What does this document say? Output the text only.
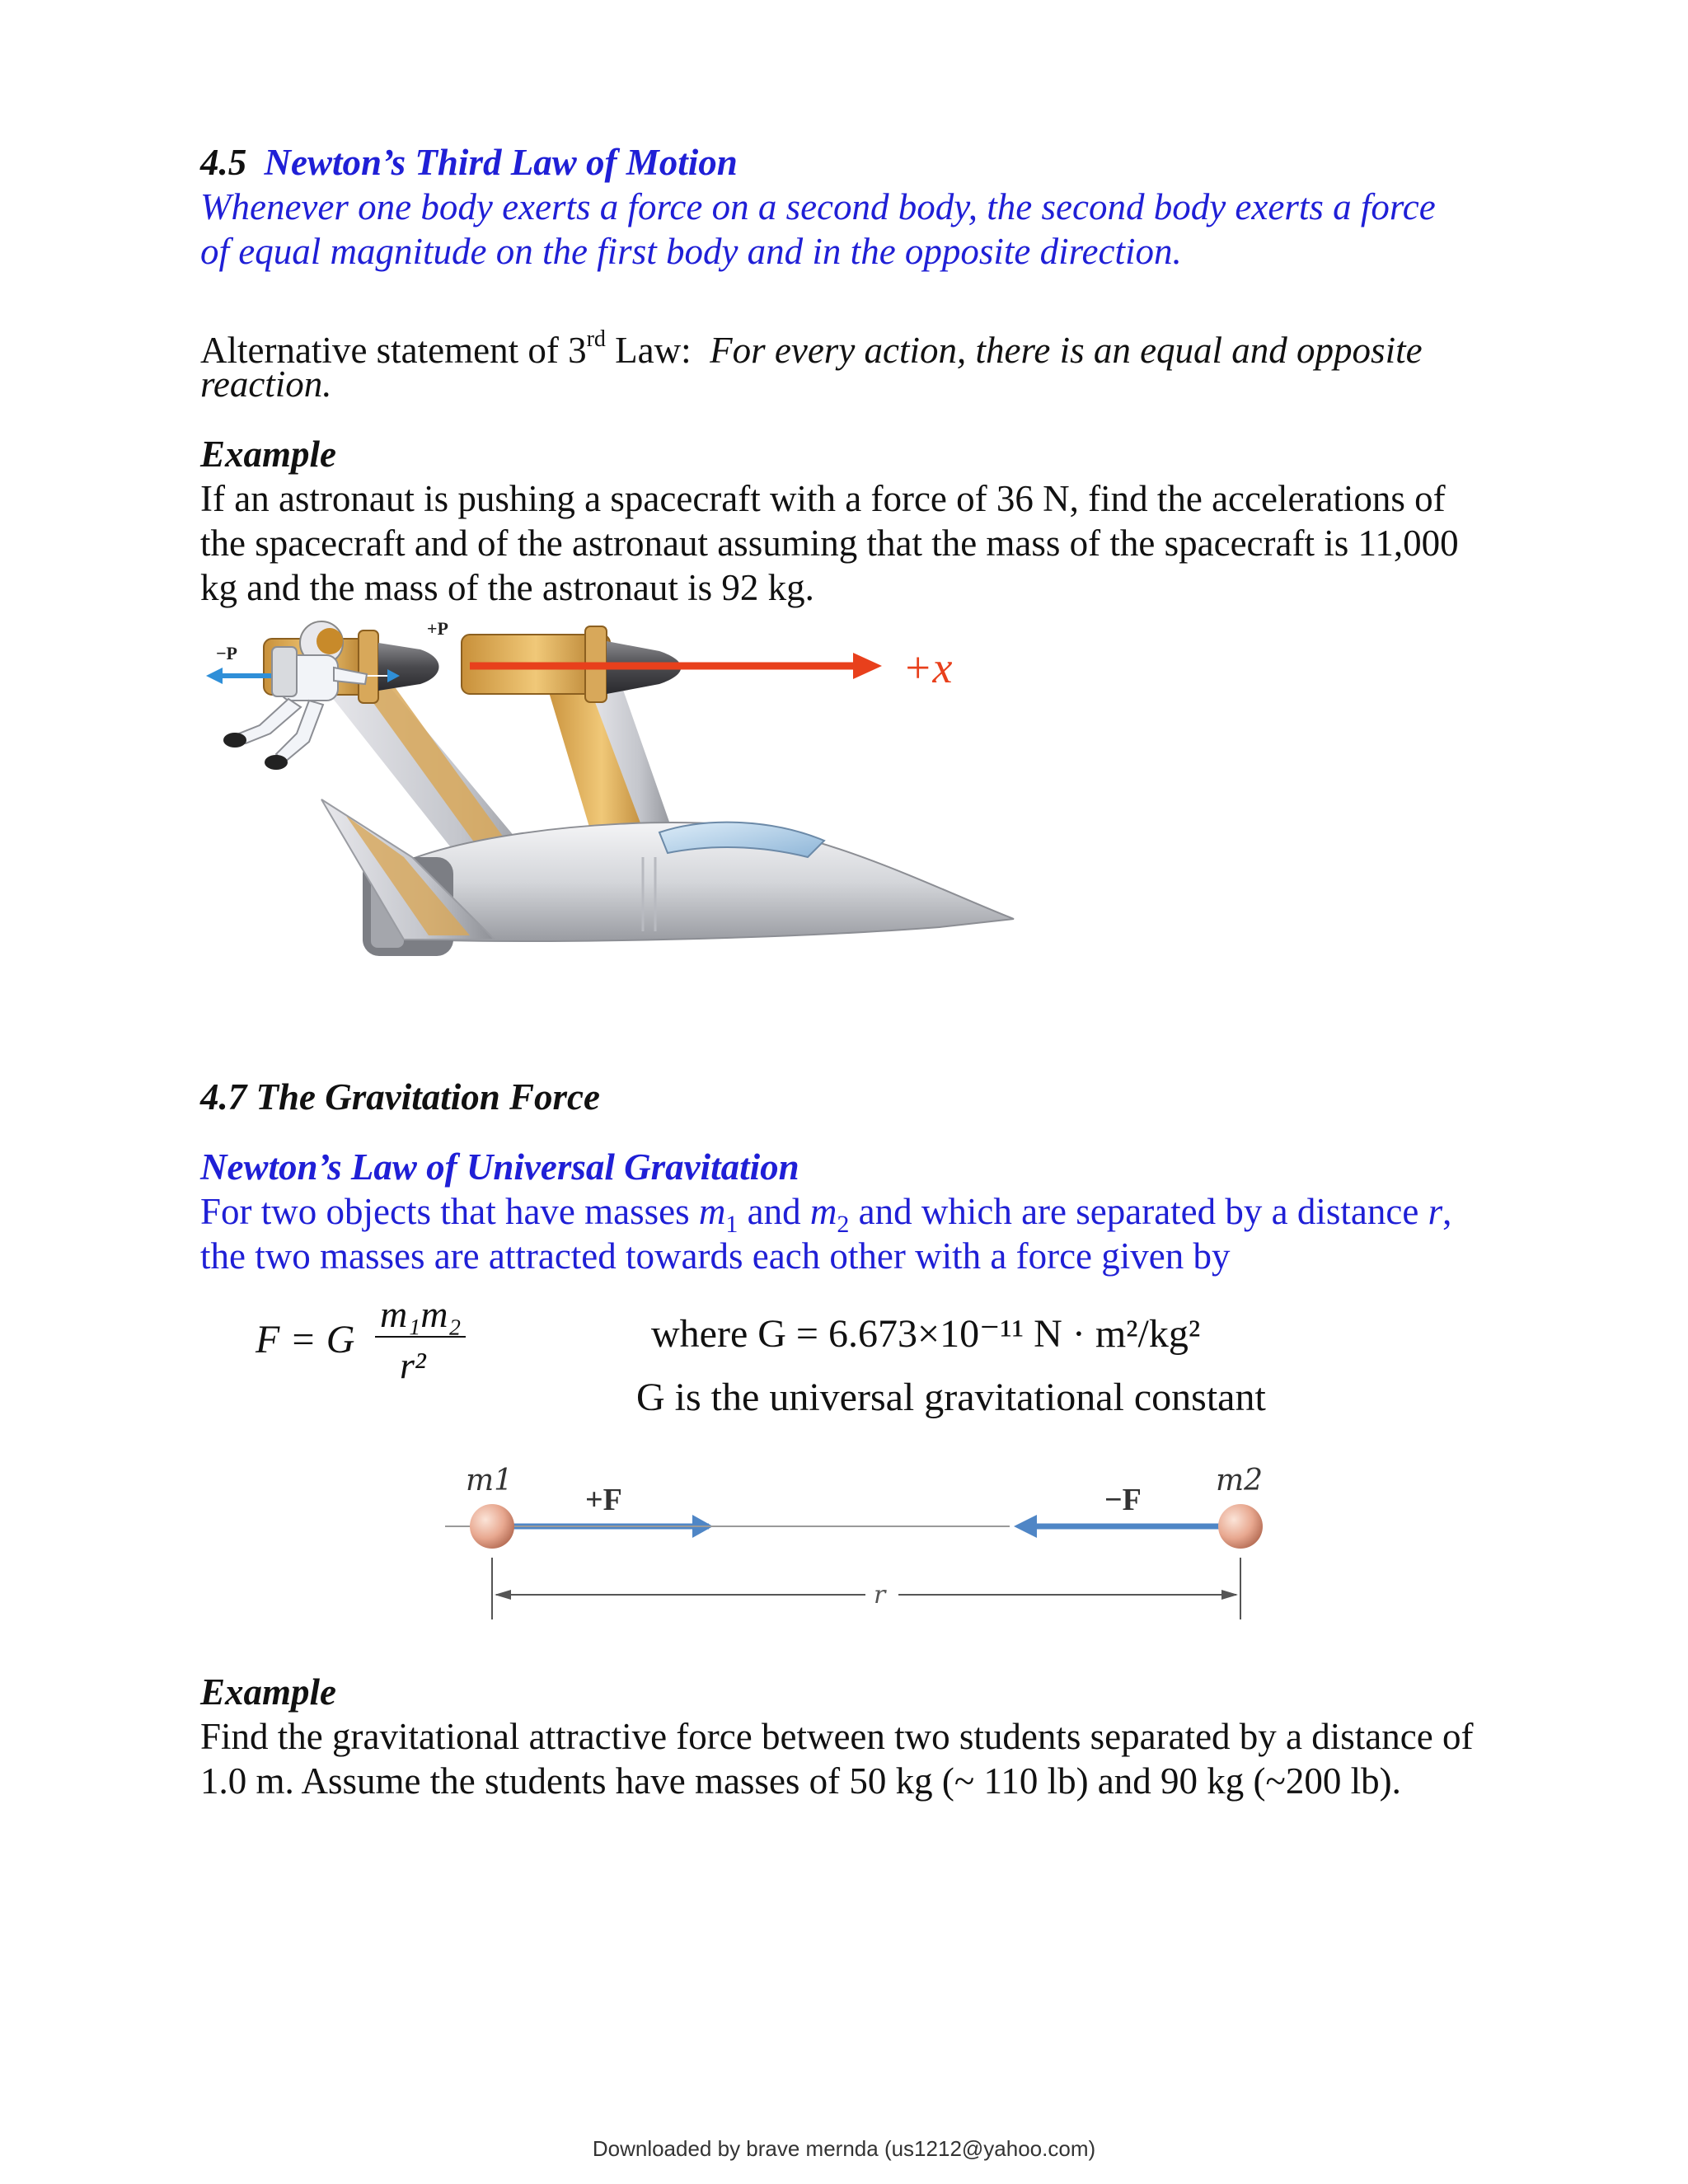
4.5 Newton’s Third Law of Motion
Whenever one body exerts a force on a second body, the second body exerts a force
of equal magnitude on the first body and in the opposite direction.
Alternative statement of 3rd Law:  For every action, there is an equal and opposite
reaction.
Example
If an astronaut is pushing a spacecraft with a force of 36 N, find the accelerations of
the spacecraft and of the astronaut assuming that the mass of the spacecraft is 11,000
kg and the mass of the astronaut is 92 kg.
+x
−P
+P
4.7 The Gravitation Force
Newton’s Law of Universal Gravitation
For two objects that have masses $m_1$ and $m_2$ and which are separated by a distance r,
the two masses are attracted towards each other with a force given by
F = G
m₁m₂
r²
where G = 6.673×10⁻¹¹ N · m²/kg²
G is the universal gravitational constant
m1	m2
+F	−F
r
Example
Find the gravitational attractive force between two students separated by a distance of
1.0 m. Assume the students have masses of 50 kg (~ 110 lb) and 90 kg (~200 lb).
Downloaded by brave mernda (us1212@yahoo.com)
